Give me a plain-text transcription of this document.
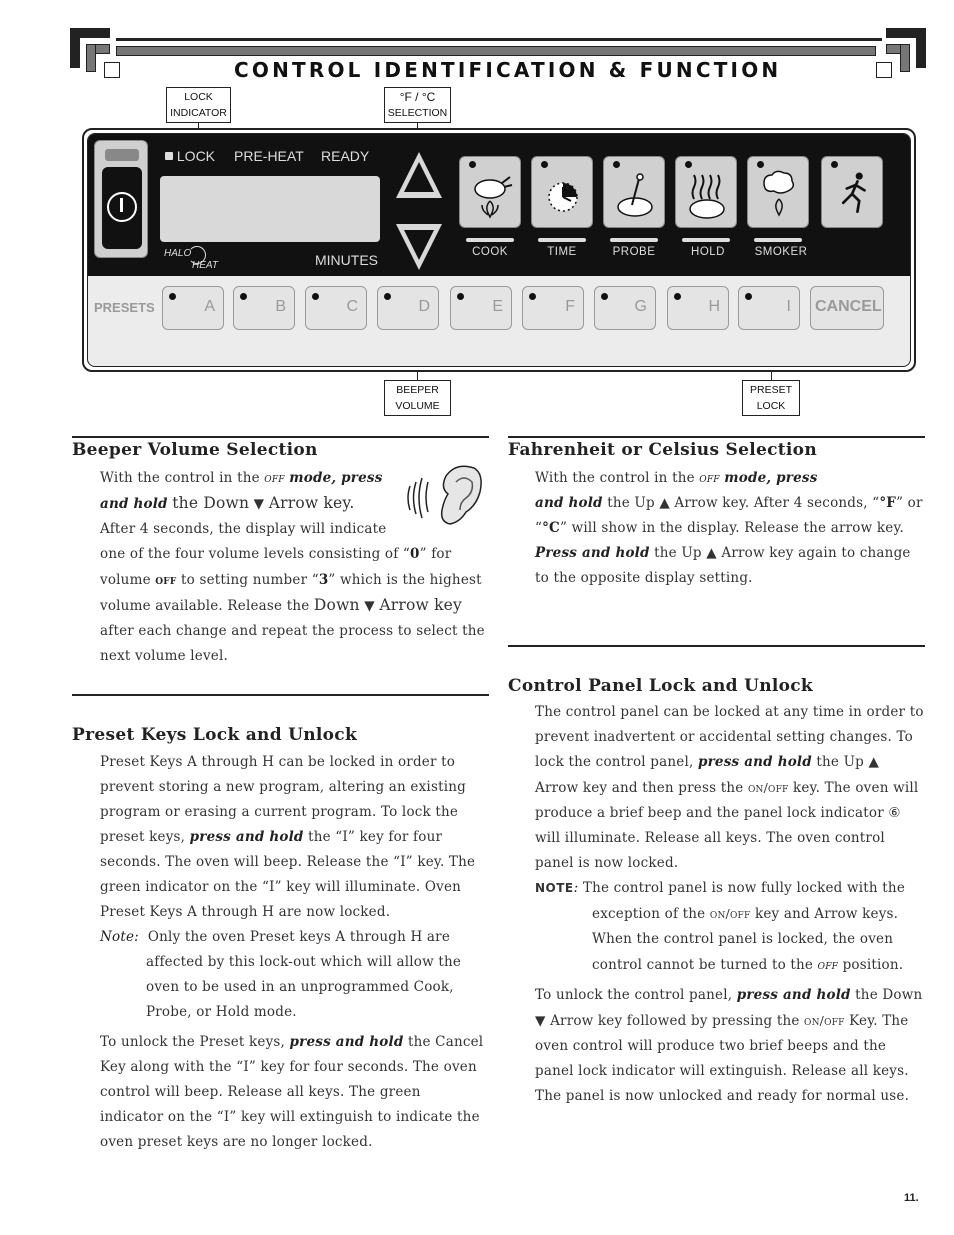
CONTROL IDENTIFICATION & FUNCTION
LOCK
INDICATOR
°F / °C
SELECTION
BEEPER
VOLUME
PRESET
LOCK
LOCK PRE-HEAT READY
HALO
HEAT	MINUTES
START
COOK	TIME	PROBE	HOLD	SMOKER
PRESETS	A	B	C	D	E	F	G	H	I CANCEL
Beeper Volume Selection
With the control in the off mode, press
and hold the Down ▼ Arrow key.
After 4 seconds, the display will indicate
one of the four volume levels consisting of “0” for
volume off to setting number “3” which is the highest
volume available. Release the Down ▼ Arrow key
after each change and repeat the process to select the
next volume level.
Preset Keys Lock and Unlock
Preset Keys A through H can be locked in order to prevent storing a new program, altering an existing program or erasing a current program. To lock the preset keys, press and hold the “I” key for four seconds. The oven will beep. Release the “I” key. The green indicator on the “I” key will illuminate. Oven Preset Keys A through H are now locked.
Note: Only the oven Preset keys A through H are affected by this lock-out which will allow the oven to be used in an unprogrammed Cook, Probe, or Hold mode.
To unlock the Preset keys, press and hold the Cancel Key along with the “I” key for four seconds. The oven control will beep. Release all keys. The green indicator on the “I” key will extinguish to indicate the oven preset keys are no longer locked.
Fahrenheit or Celsius Selection
With the control in the off mode, press
and hold the Up ▲ Arrow key. After 4 seconds, “°F” or “°C” will show in the display. Release the arrow key.
Press and hold the Up ▲ Arrow key again to change to the opposite display setting.
Control Panel Lock and Unlock
The control panel can be locked at any time in order to prevent inadvertent or accidental setting changes. To lock the control panel, press and hold the Up ▲ Arrow key and then press the on/off key. The oven will produce a brief beep and the panel lock indicator ⑥ will illuminate. Release all keys. The oven control panel is now locked.
NOTE: The control panel is now fully locked with the exception of the on/off key and Arrow keys. When the control panel is locked, the oven control cannot be turned to the off position.
To unlock the control panel, press and hold the Down ▼ Arrow key followed by pressing the on/off Key. The oven control will produce two brief beeps and the panel lock indicator will extinguish. Release all keys. The panel is now unlocked and ready for normal use.
11.
